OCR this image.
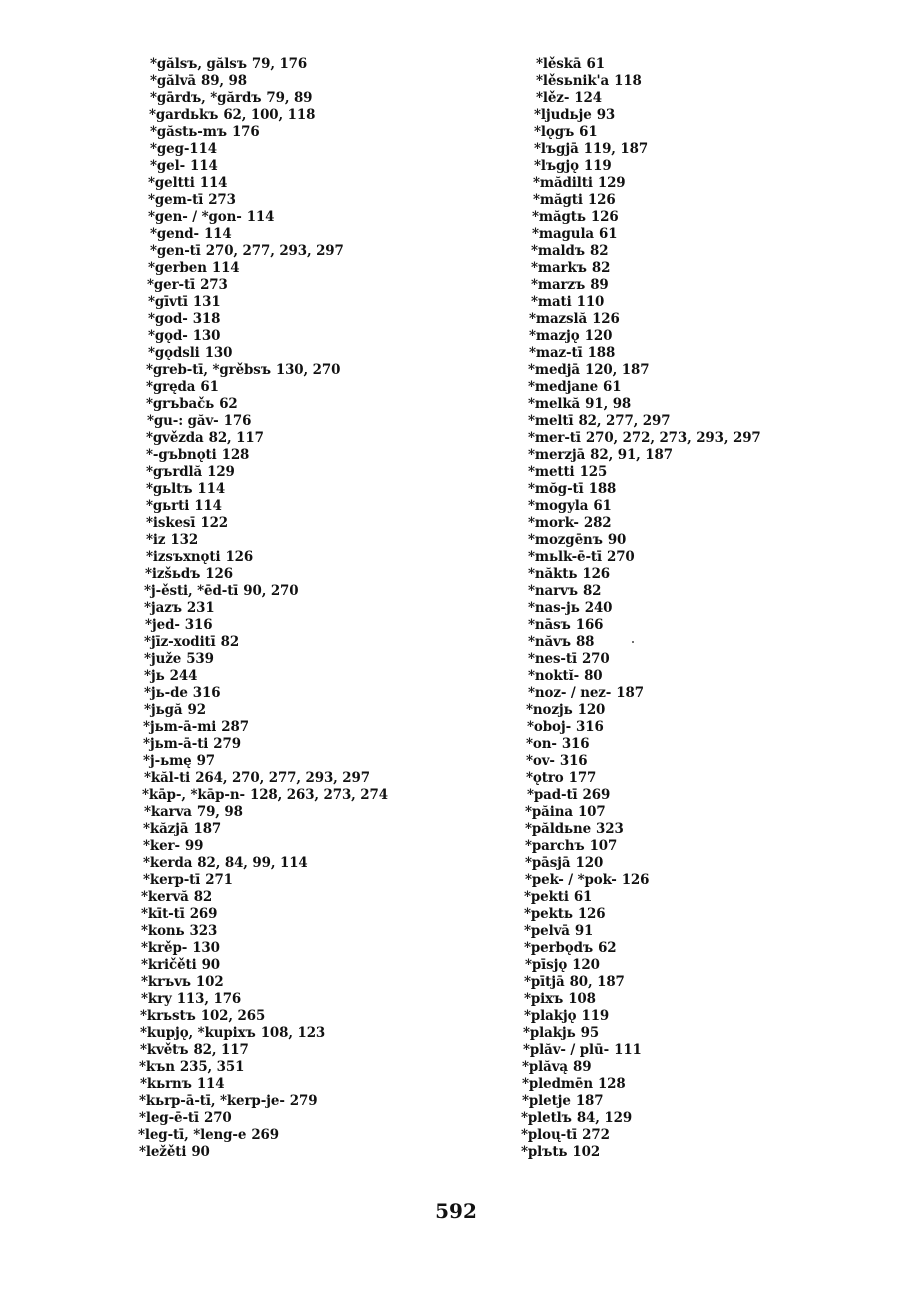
*gălsъ, gălsъ 79, 176
*gălvā 89, 98
*gārdъ, *gărdъ 79, 89
*gardьkъ 62, 100, 118
*găstь-mъ 176
*geg-114
*gel- 114
*geltti 114
*gem-tī 273
*gen- / *gon- 114
*gend- 114
*gen-tī 270, 277, 293, 297
*gerben 114
*ger-tī 273
*gīvtī 131
*god- 318
*gǫd- 130
*gǫdsli 130
*greb-tī, *grěbsъ 130, 270
*gręda 61
*grъbačь 62
*gu-: găv- 176
*gvězda 82, 117
*-gъbnǫti 128
*gъrdlă 129
*gьltъ 114
*gьrti 114
*iskesī 122
*iz 132
*izsъxnǫti 126
*izšьdъ 126
*j-ěsti, *ēd-tī 90, 270
*jazъ 231
*jed- 316
*jīz-xoditī 82
*juže 539
*jь 244
*jь-de 316
*jьgă 92
*jьm-ā-mi 287
*jьm-ā-ti 279
*j-ьmę 97
*kăl-ti 264, 270, 277, 293, 297
*kāp-, *kāp-n- 128, 263, 273, 274
*karva 79, 98
*kăzjā 187
*ker- 99
*kerda 82, 84, 99, 114
*kerp-tī 271
*kervă 82
*kīt-tī 269
*konь 323
*krěp- 130
*kričěti 90
*krъvь 102
*kry 113, 176
*krьstъ 102, 265
*kupjǫ, *kupixъ 108, 123
*květъ 82, 117
*kъn 235, 351
*kьrnъ 114
*kьrp-ā-tī, *kerp-je- 279
*leg-ē-tī 270
*leg-tī, *leng-e 269
*ležěti 90
*lěskā 61
*lěsьnik'a 118
*lěz- 124
*ljudьje 93
*lǫgъ 61
*lъgjā 119, 187
*lъgjǫ 119
*mădilti 129
*măgti 126
*măgtь 126
*magula 61
*maldъ 82
*markъ 82
*marzъ 89
*mati 110
*mazslă 126
*mazjǫ 120
*maz-tī 188
*medjā 120, 187
*medjane 61
*melkă 91, 98
*meltī 82, 277, 297
*mer-tī 270, 272, 273, 293, 297
*merzjā 82, 91, 187
*metti 125
*mŏg-tī 188
*mogyla 61
*mork- 282
*mozgēnъ 90
*mьlk-ē-tī 270
*năktь 126
*narvъ 82
*nas-jь 240
*nāsъ 166
*năvъ 88
*nes-tī 270
*noktĭ- 80
*noz- / nez- 187
*nozjь 120
*oboj- 316
*on- 316
*ov- 316
*ǫtro 177
*pad-tī 269
*păina 107
*păldьne 323
*parchъ 107
*pāsjā 120
*pek- / *pok- 126
*pekti 61
*pektь 126
*pelvā 91
*perbǫdъ 62
*pīsjǫ 120
*pītjā 80, 187
*pixъ 108
*plakjǫ 119
*plakjь 95
*plăv- / plū- 111
*plăvą 89
*pledmēn 128
*pletje 187
*pletlъ 84, 129
*ploų-tī 272
*plъtь 102
592
